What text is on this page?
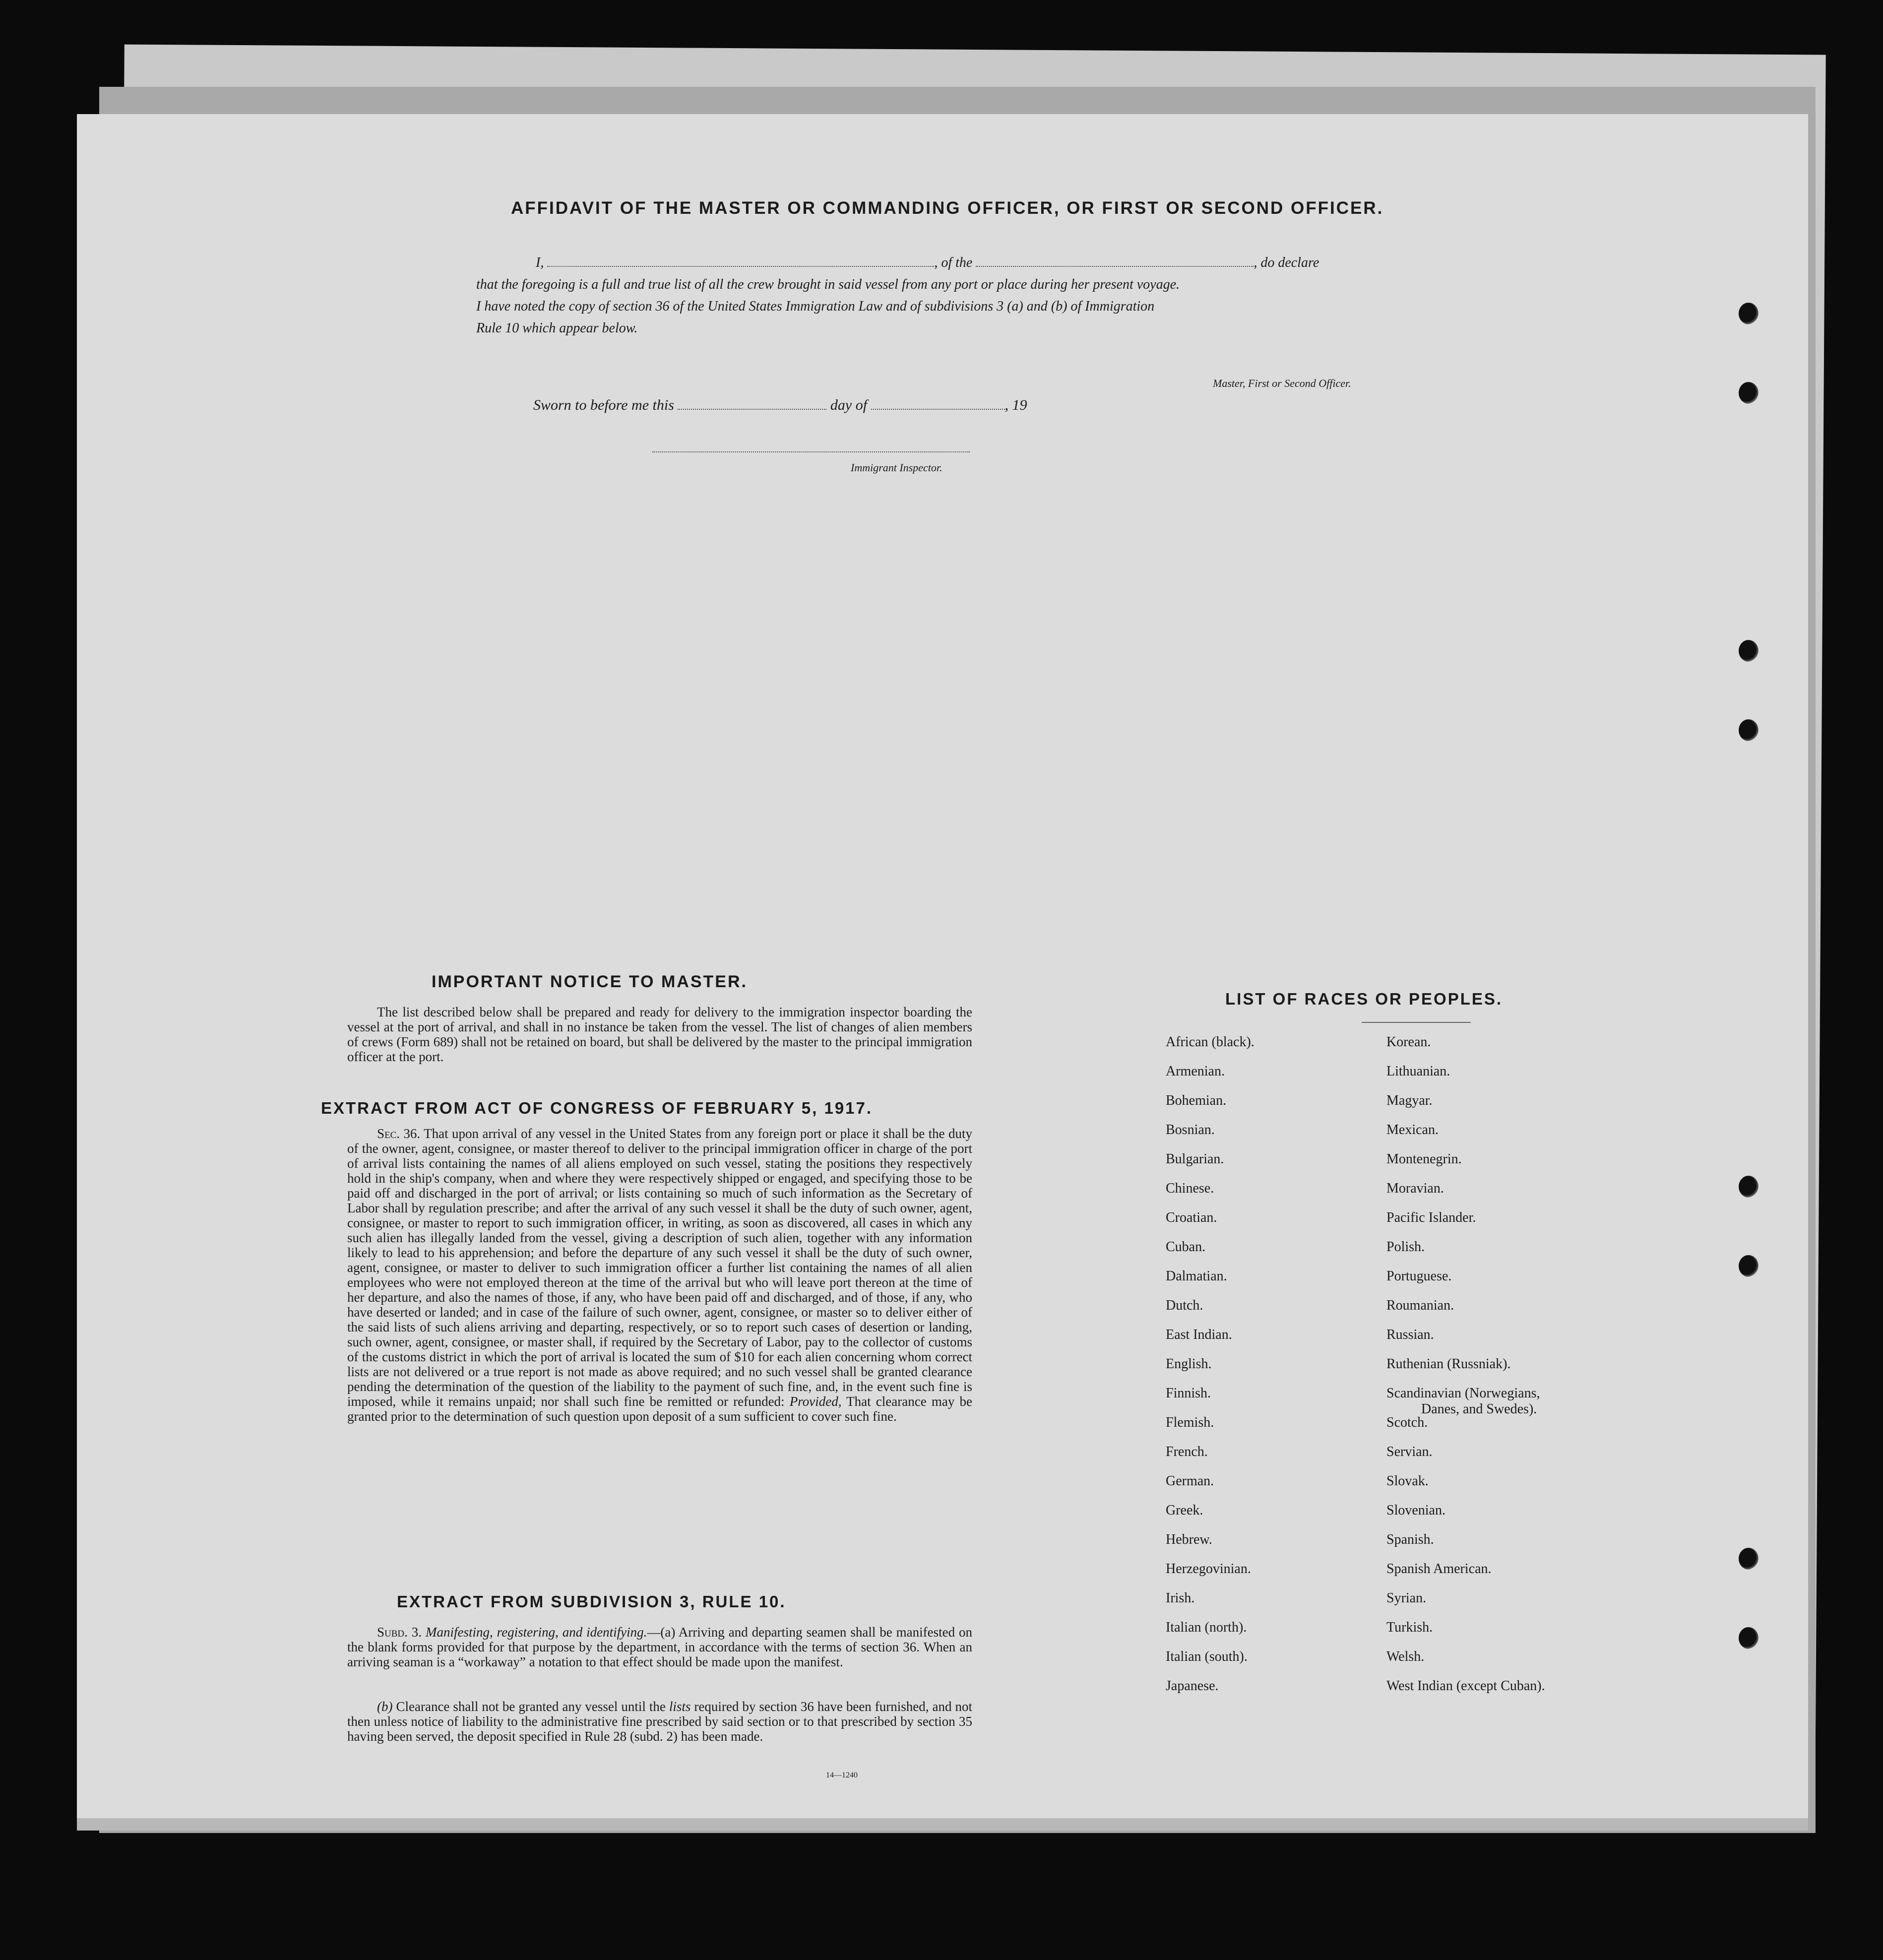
AFFIDAVIT OF THE MASTER OR COMMANDING OFFICER, OR FIRST OR SECOND OFFICER.

I,	, of the	, do declare

that the foregoing is a full and true list of all the crew brought in said vessel from any port or place during her present voyage.

I have noted the copy of section 36 of the United States Immigration Law and of subdivisions 3 (a) and (b) of Immigration

Rule 10 which appear below.

Master, First or Second Officer.
Sworn to before me this	day of	, 19
Immigrant Inspector.
IMPORTANT NOTICE TO MASTER.
The list described below shall be prepared and ready for delivery to the immigration inspector boarding the vessel at the port of arrival, and shall in no instance be taken from the vessel. The list of changes of alien members of crews (Form 689) shall not be retained on board, but shall be delivered by the master to the principal immigration officer at the port.
EXTRACT FROM ACT OF CONGRESS OF FEBRUARY 5, 1917.
Sec. 36. That upon arrival of any vessel in the United States from any foreign port or place it shall be the duty of the owner, agent, consignee, or master thereof to deliver to the principal immigration officer in charge of the port of arrival lists containing the names of all aliens employed on such vessel, stating the positions they respectively hold in the ship's company, when and where they were respectively shipped or engaged, and specifying those to be paid off and discharged in the port of arrival; or lists containing so much of such information as the Secretary of Labor shall by regulation prescribe; and after the arrival of any such vessel it shall be the duty of such owner, agent, consignee, or master to report to such immigration officer, in writing, as soon as discovered, all cases in which any such alien has illegally landed from the vessel, giving a description of such alien, together with any information likely to lead to his apprehension; and before the departure of any such vessel it shall be the duty of such owner, agent, consignee, or master to deliver to such immigration officer a further list containing the names of all alien employees who were not employed thereon at the time of the arrival but who will leave port thereon at the time of her departure, and also the names of those, if any, who have been paid off and discharged, and of those, if any, who have deserted or landed; and in case of the failure of such owner, agent, consignee, or master so to deliver either of the said lists of such aliens arriving and departing, respectively, or so to report such cases of desertion or landing, such owner, agent, consignee, or master shall, if required by the Secretary of Labor, pay to the collector of customs of the customs district in which the port of arrival is located the sum of $10 for each alien concerning whom correct lists are not delivered or a true report is not made as above required; and no such vessel shall be granted clearance pending the determination of the question of the liability to the payment of such fine, and, in the event such fine is imposed, while it remains unpaid; nor shall such fine be remitted or refunded: Provided, That clearance may be granted prior to the determination of such question upon deposit of a sum sufficient to cover such fine.
EXTRACT FROM SUBDIVISION 3, RULE 10.
Subd. 3. Manifesting, registering, and identifying.—(a) Arriving and departing seamen shall be manifested on the blank forms provided for that purpose by the department, in accordance with the terms of section 36. When an arriving seaman is a “workaway” a notation to that effect should be made upon the manifest.
(b) Clearance shall not be granted any vessel until the lists required by section 36 have been furnished, and not then unless notice of liability to the administrative fine prescribed by said section or to that prescribed by section 35 having been served, the deposit specified in Rule 28 (subd. 2) has been made.
14—1240
LIST OF RACES OR PEOPLES.
African (black).
Armenian.
Bohemian.
Bosnian.
Bulgarian.
Chinese.
Croatian.
Cuban.
Dalmatian.
Dutch.
East Indian.
English.
Finnish.
Flemish.
French.
German.
Greek.
Hebrew.
Herzegovinian.
Irish.
Italian (north).
Italian (south).
Japanese.
Korean.
Lithuanian.
Magyar.
Mexican.
Montenegrin.
Moravian.
Pacific Islander.
Polish.
Portuguese.
Roumanian.
Russian.
Ruthenian (Russniak).
Scandinavian (Norwegians,
Danes, and Swedes).
Scotch.
Servian.
Slovak.
Slovenian.
Spanish.
Spanish American.
Syrian.
Turkish.
Welsh.
West Indian (except Cuban).
